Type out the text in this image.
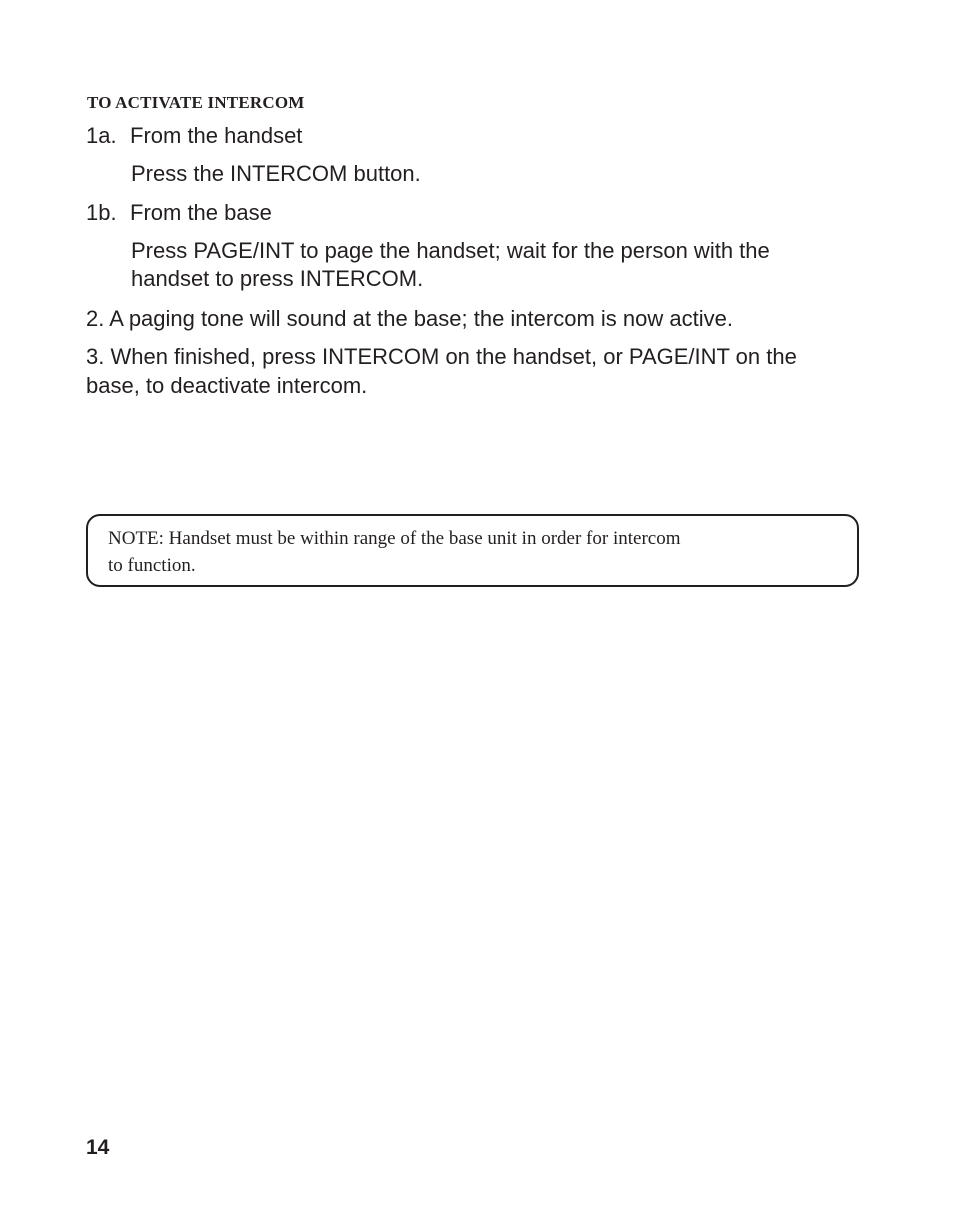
TO ACTIVATE INTERCOM

1a. From the handset

Press the INTERCOM button.

1b. From the base

Press PAGE/INT to page the handset; wait for the person with the

handset to press INTERCOM.

2. A paging tone will sound at the base; the intercom is now active.

3. When finished, press INTERCOM on the handset, or PAGE/INT on the

base, to deactivate intercom.

NOTE: Handset must be within range of the base unit in order for intercom
to function.

14
